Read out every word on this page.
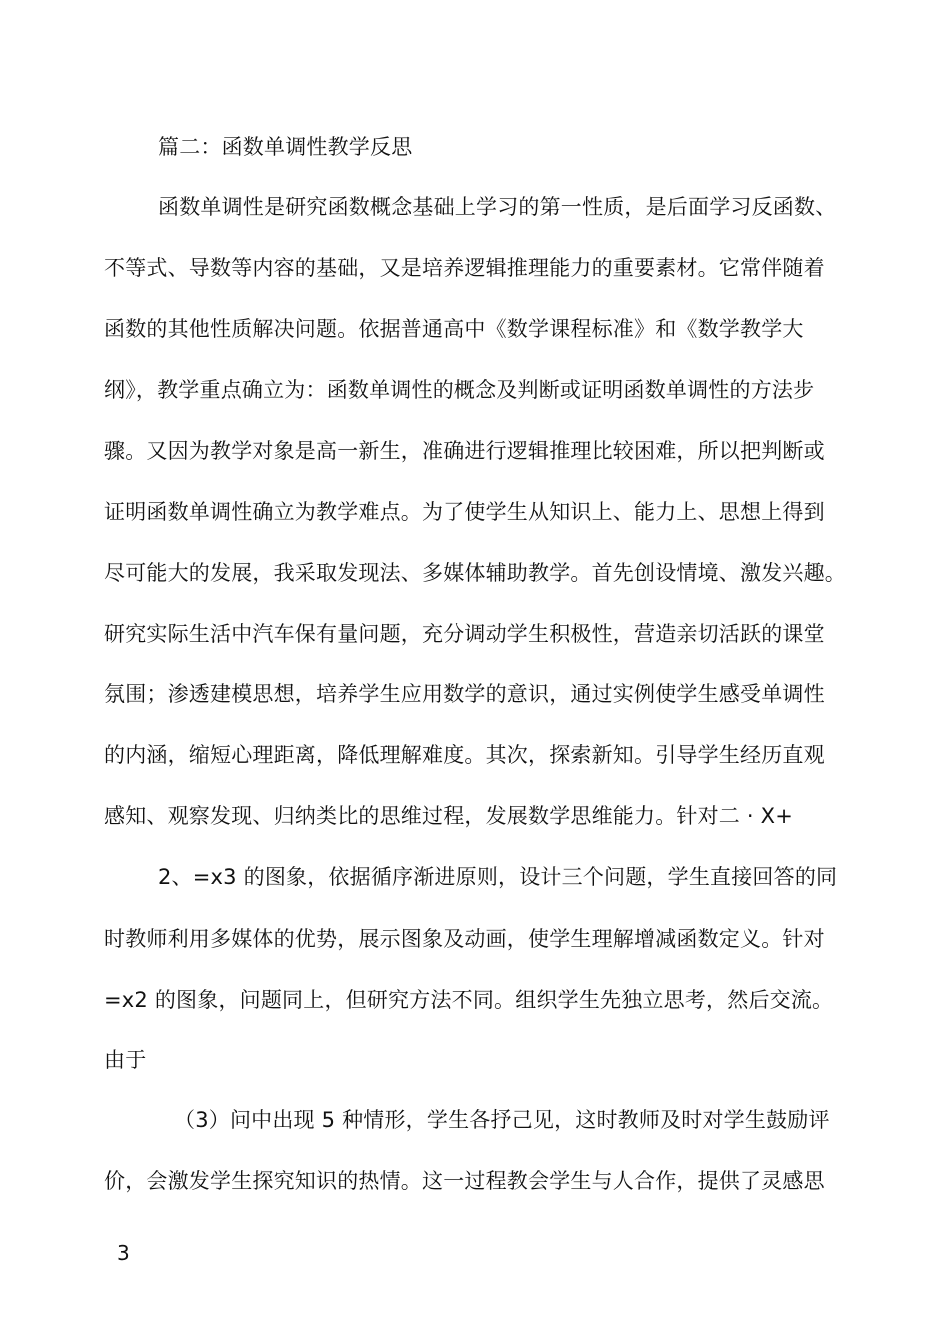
篇二：函数单调性教学反思
函数单调性是研究函数概念基础上学习的第一性质，是后面学习反函数、
不等式、导数等内容的基础，又是培养逻辑推理能力的重要素材。它常伴随着
函数的其他性质解决问题。依据普通高中《数学课程标准》和《数学教学大
纲》，教学重点确立为：函数单调性的概念及判断或证明函数单调性的方法步
骤。又因为教学对象是高一新生，准确进行逻辑推理比较困难，所以把判断或
证明函数单调性确立为教学难点。为了使学生从知识上、能力上、思想上得到
尽可能大的发展，我采取发现法、多媒体辅助教学。首先创设情境、激发兴趣。
研究实际生活中汽车保有量问题，充分调动学生积极性，营造亲切活跃的课堂
氛围；渗透建模思想，培养学生应用数学的意识，通过实例使学生感受单调性
的内涵，缩短心理距离，降低理解难度。其次，探索新知。引导学生经历直观
感知、观察发现、归纳类比的思维过程，发展数学思维能力。针对二 · X+
2、=x3 的图象，依据循序渐进原则，设计三个问题，学生直接回答的同
时教师利用多媒体的优势，展示图象及动画，使学生理解增减函数定义。针对
=x2 的图象，问题同上，但研究方法不同。组织学生先独立思考，然后交流。
由于
（3）问中出现 5 种情形，学生各抒己见，这时教师及时对学生鼓励评
价，会激发学生探究知识的热情。这一过程教会学生与人合作，提供了灵感思
3
